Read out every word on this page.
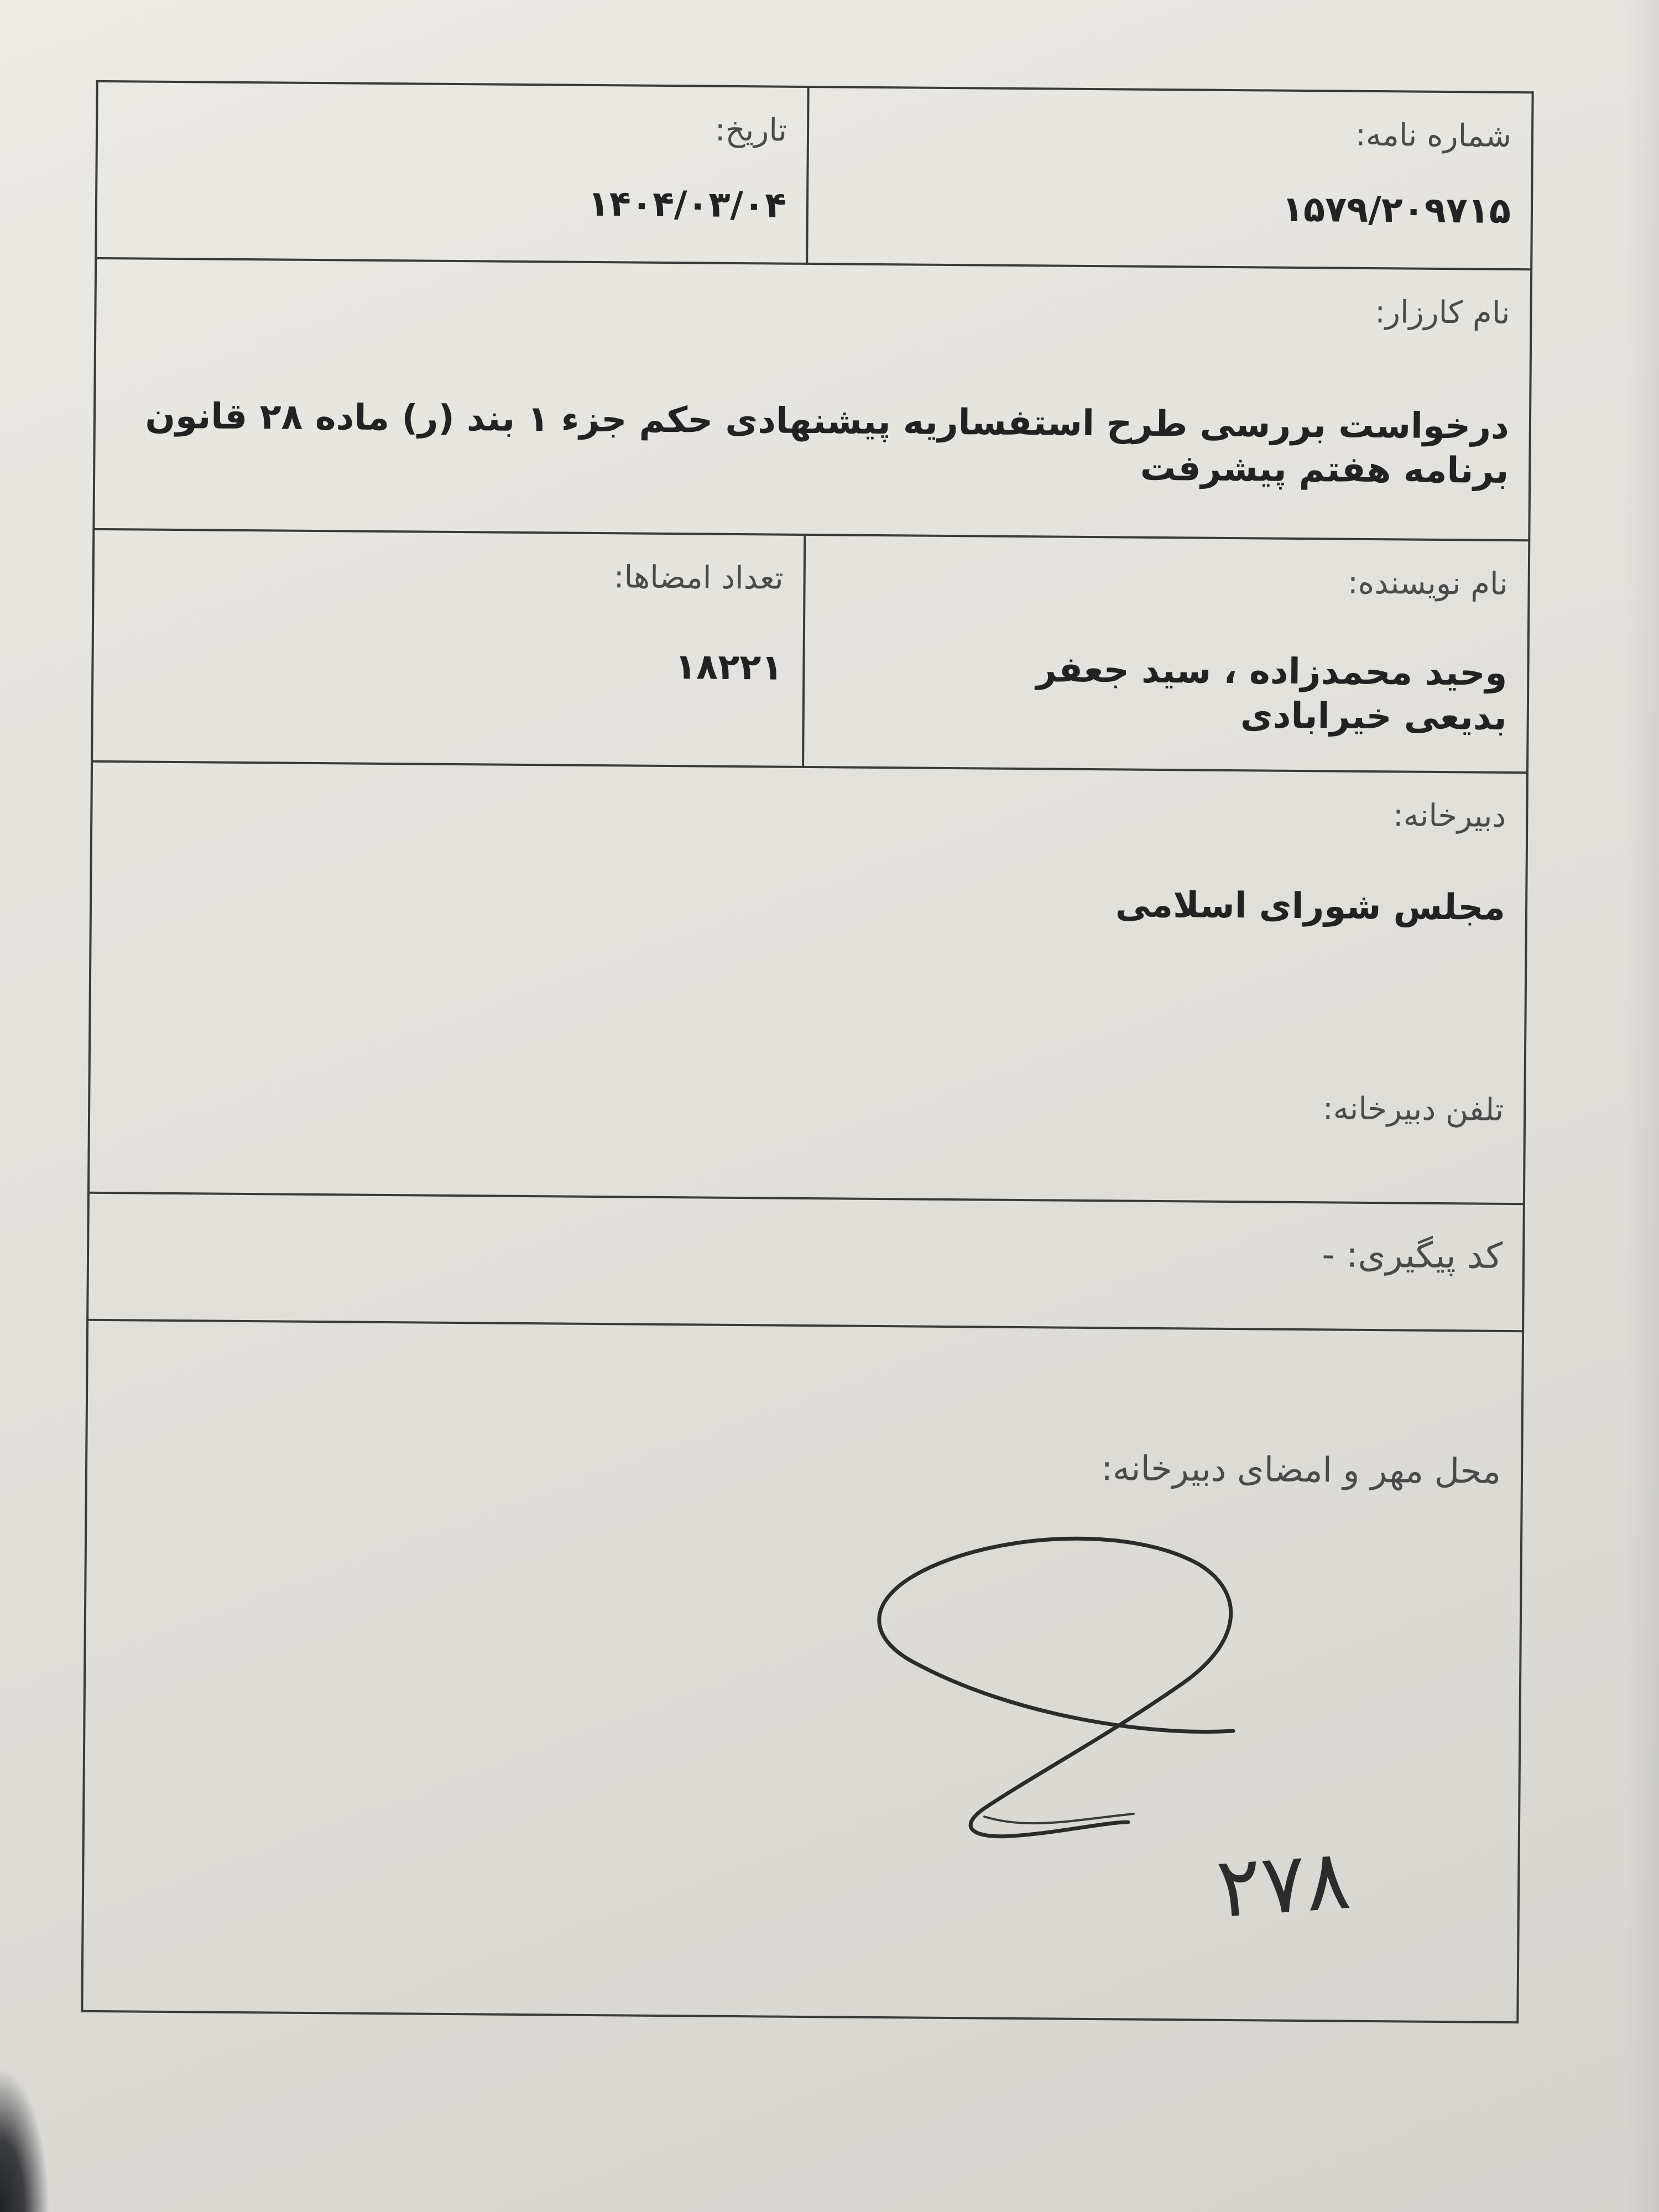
شماره نامه:
۱۵۷۹/۲۰۹۷۱۵	تاریخ:
۱۴۰۴/۰۳/۰۴

نام کارزار:
درخواست بررسی طرح استفساریه پیشنهادی حکم جزء ۱ بند (ر) ماده ۲۸ قانون برنامه هفتم پیشرفت	

نام نویسنده:
وحید محمدزاده ، سید جعفر بدیعی خیرابادی	تعداد امضاها:
۱۸۲۲۱

دبیرخانه:
مجلس شورای اسلامی
تلفن دبیرخانه:	

کد پیگیری: -	

محل مهر و امضای دبیرخانه:	
۲۷۸
